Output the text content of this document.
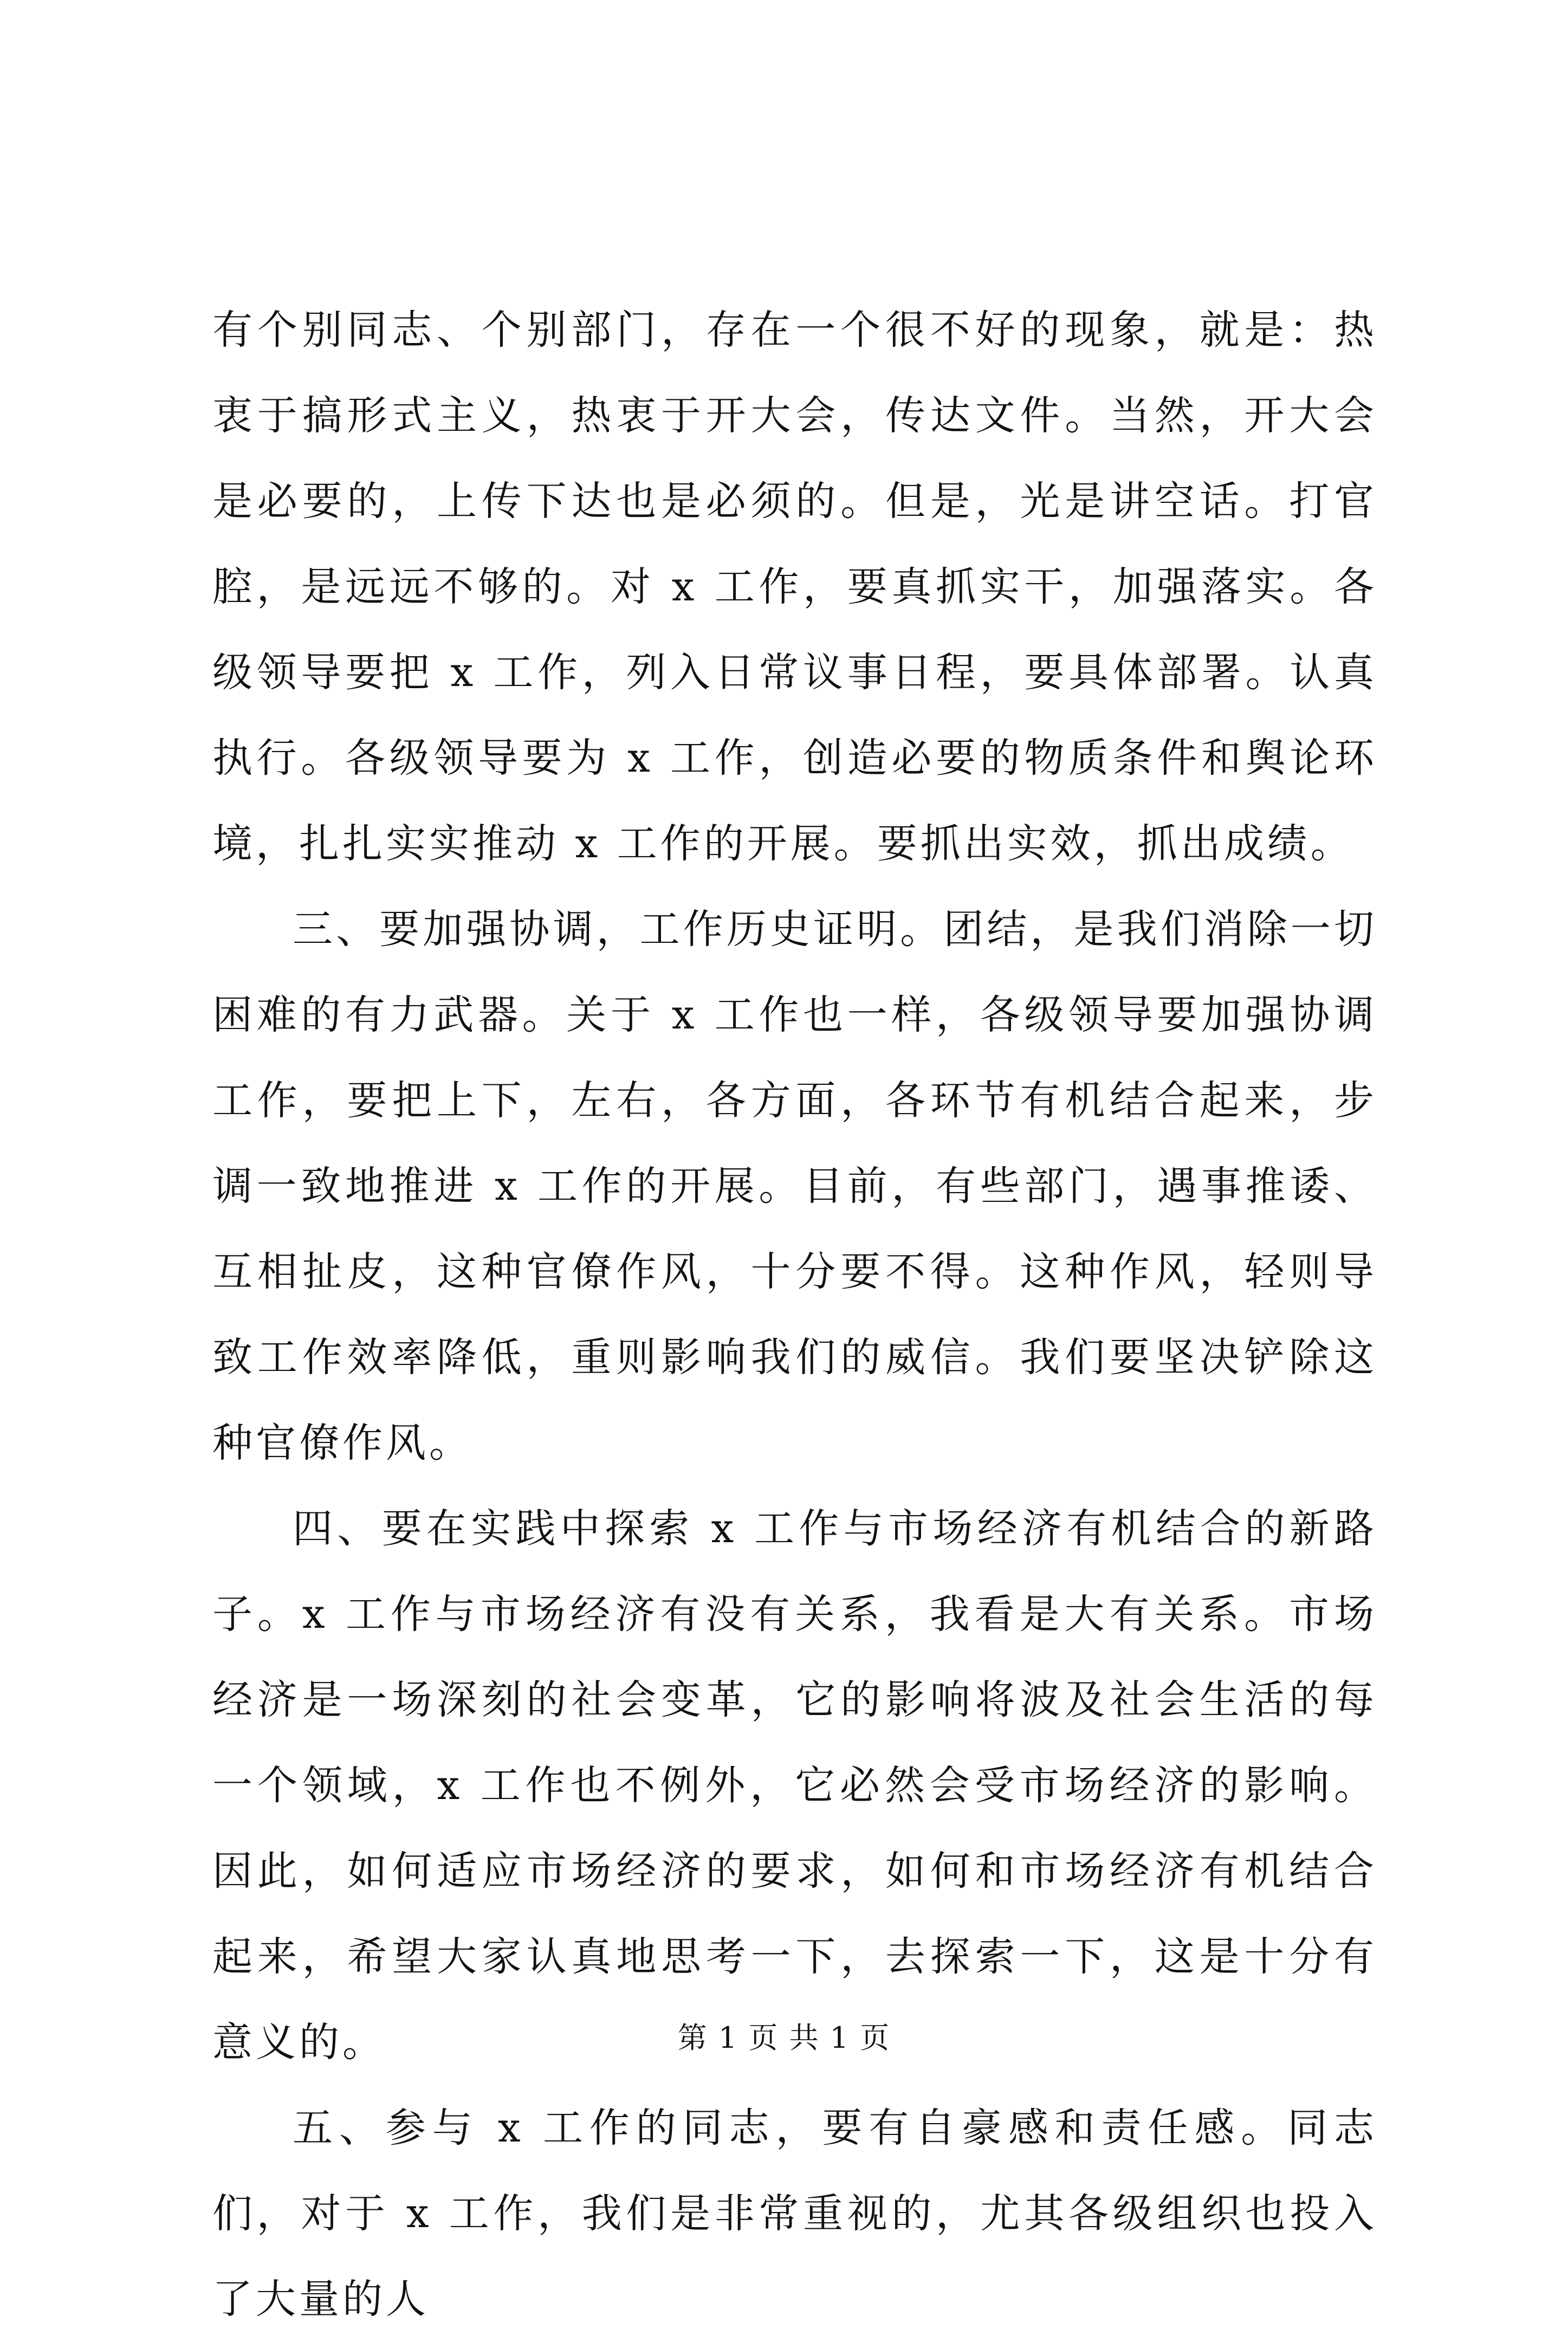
有个别同志、个别部门，存在一个很不好的现象，就是：热衷于搞形式主义，热衷于开大会，传达文件。当然，开大会是必要的，上传下达也是必须的。但是，光是讲空话。打官腔，是远远不够的。对 x 工作，要真抓实干，加强落实。各级领导要把 x 工作，列入日常议事日程，要具体部署。认真执行。各级领导要为 x 工作，创造必要的物质条件和舆论环境，扎扎实实推动 x 工作的开展。要抓出实效，抓出成绩。

三、要加强协调，工作历史证明。团结，是我们消除一切困难的有力武器。关于 x 工作也一样，各级领导要加强协调工作，要把上下，左右，各方面，各环节有机结合起来，步调一致地推进 x 工作的开展。目前，有些部门，遇事推诿、互相扯皮，这种官僚作风，十分要不得。这种作风，轻则导致工作效率降低，重则影响我们的威信。我们要坚决铲除这种官僚作风。

四、要在实践中探索 x 工作与市场经济有机结合的新路子。x 工作与市场经济有没有关系，我看是大有关系。市场经济是一场深刻的社会变革，它的影响将波及社会生活的每一个领域，x 工作也不例外，它必然会受市场经济的影响。因此，如何适应市场经济的要求，如何和市场经济有机结合起来，希望大家认真地思考一下，去探索一下，这是十分有意义的。

五、参与 x 工作的同志，要有自豪感和责任感。同志们，对于 x 工作，我们是非常重视的，尤其各级组织也投入了大量的人

第 1 页 共 1 页
